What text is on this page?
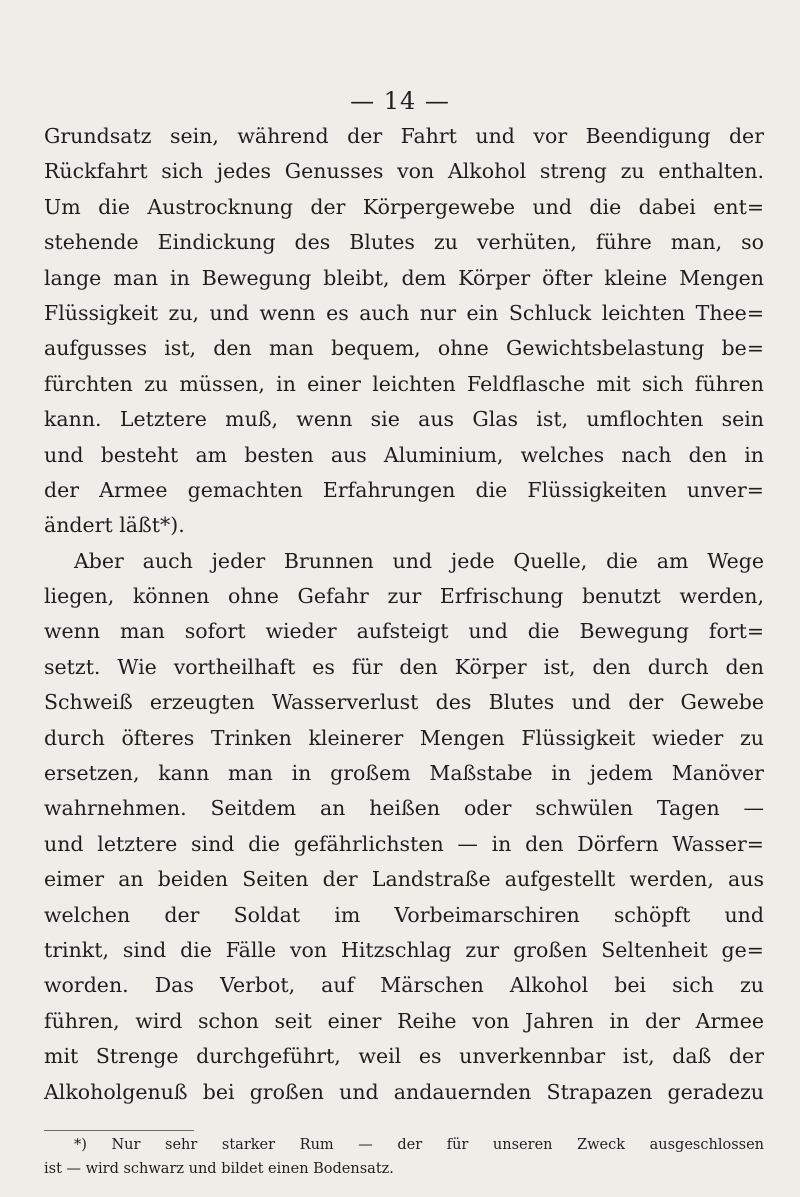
— 14 —
Grundsatz sein, während der Fahrt und vor Beendigung der
Rückfahrt sich jedes Genusses von Alkohol streng zu enthalten.
Um die Austrocknung der Körpergewebe und die dabei ent=
stehende Eindickung des Blutes zu verhüten, führe man, so
lange man in Bewegung bleibt, dem Körper öfter kleine Mengen
Flüssigkeit zu, und wenn es auch nur ein Schluck leichten Thee=
aufgusses ist, den man bequem, ohne Gewichtsbelastung be=
fürchten zu müssen, in einer leichten Feldflasche mit sich führen
kann. Letztere muß, wenn sie aus Glas ist, umflochten sein
und besteht am besten aus Aluminium, welches nach den in
der Armee gemachten Erfahrungen die Flüssigkeiten unver=
ändert läßt*).
Aber auch jeder Brunnen und jede Quelle, die am Wege
liegen, können ohne Gefahr zur Erfrischung benutzt werden,
wenn man sofort wieder aufsteigt und die Bewegung fort=
setzt. Wie vortheilhaft es für den Körper ist, den durch den
Schweiß erzeugten Wasserverlust des Blutes und der Gewebe
durch öfteres Trinken kleinerer Mengen Flüssigkeit wieder zu
ersetzen, kann man in großem Maßstabe in jedem Manöver
wahrnehmen. Seitdem an heißen oder schwülen Tagen —
und letztere sind die gefährlichsten — in den Dörfern Wasser=
eimer an beiden Seiten der Landstraße aufgestellt werden, aus
welchen der Soldat im Vorbeimarschiren schöpft und
trinkt, sind die Fälle von Hitzschlag zur großen Seltenheit ge=
worden. Das Verbot, auf Märschen Alkohol bei sich zu
führen, wird schon seit einer Reihe von Jahren in der Armee
mit Strenge durchgeführt, weil es unverkennbar ist, daß der
Alkoholgenuß bei großen und andauernden Strapazen geradezu
*) Nur sehr starker Rum — der für unseren Zweck ausgeschlossen
ist — wird schwarz und bildet einen Bodensatz.
